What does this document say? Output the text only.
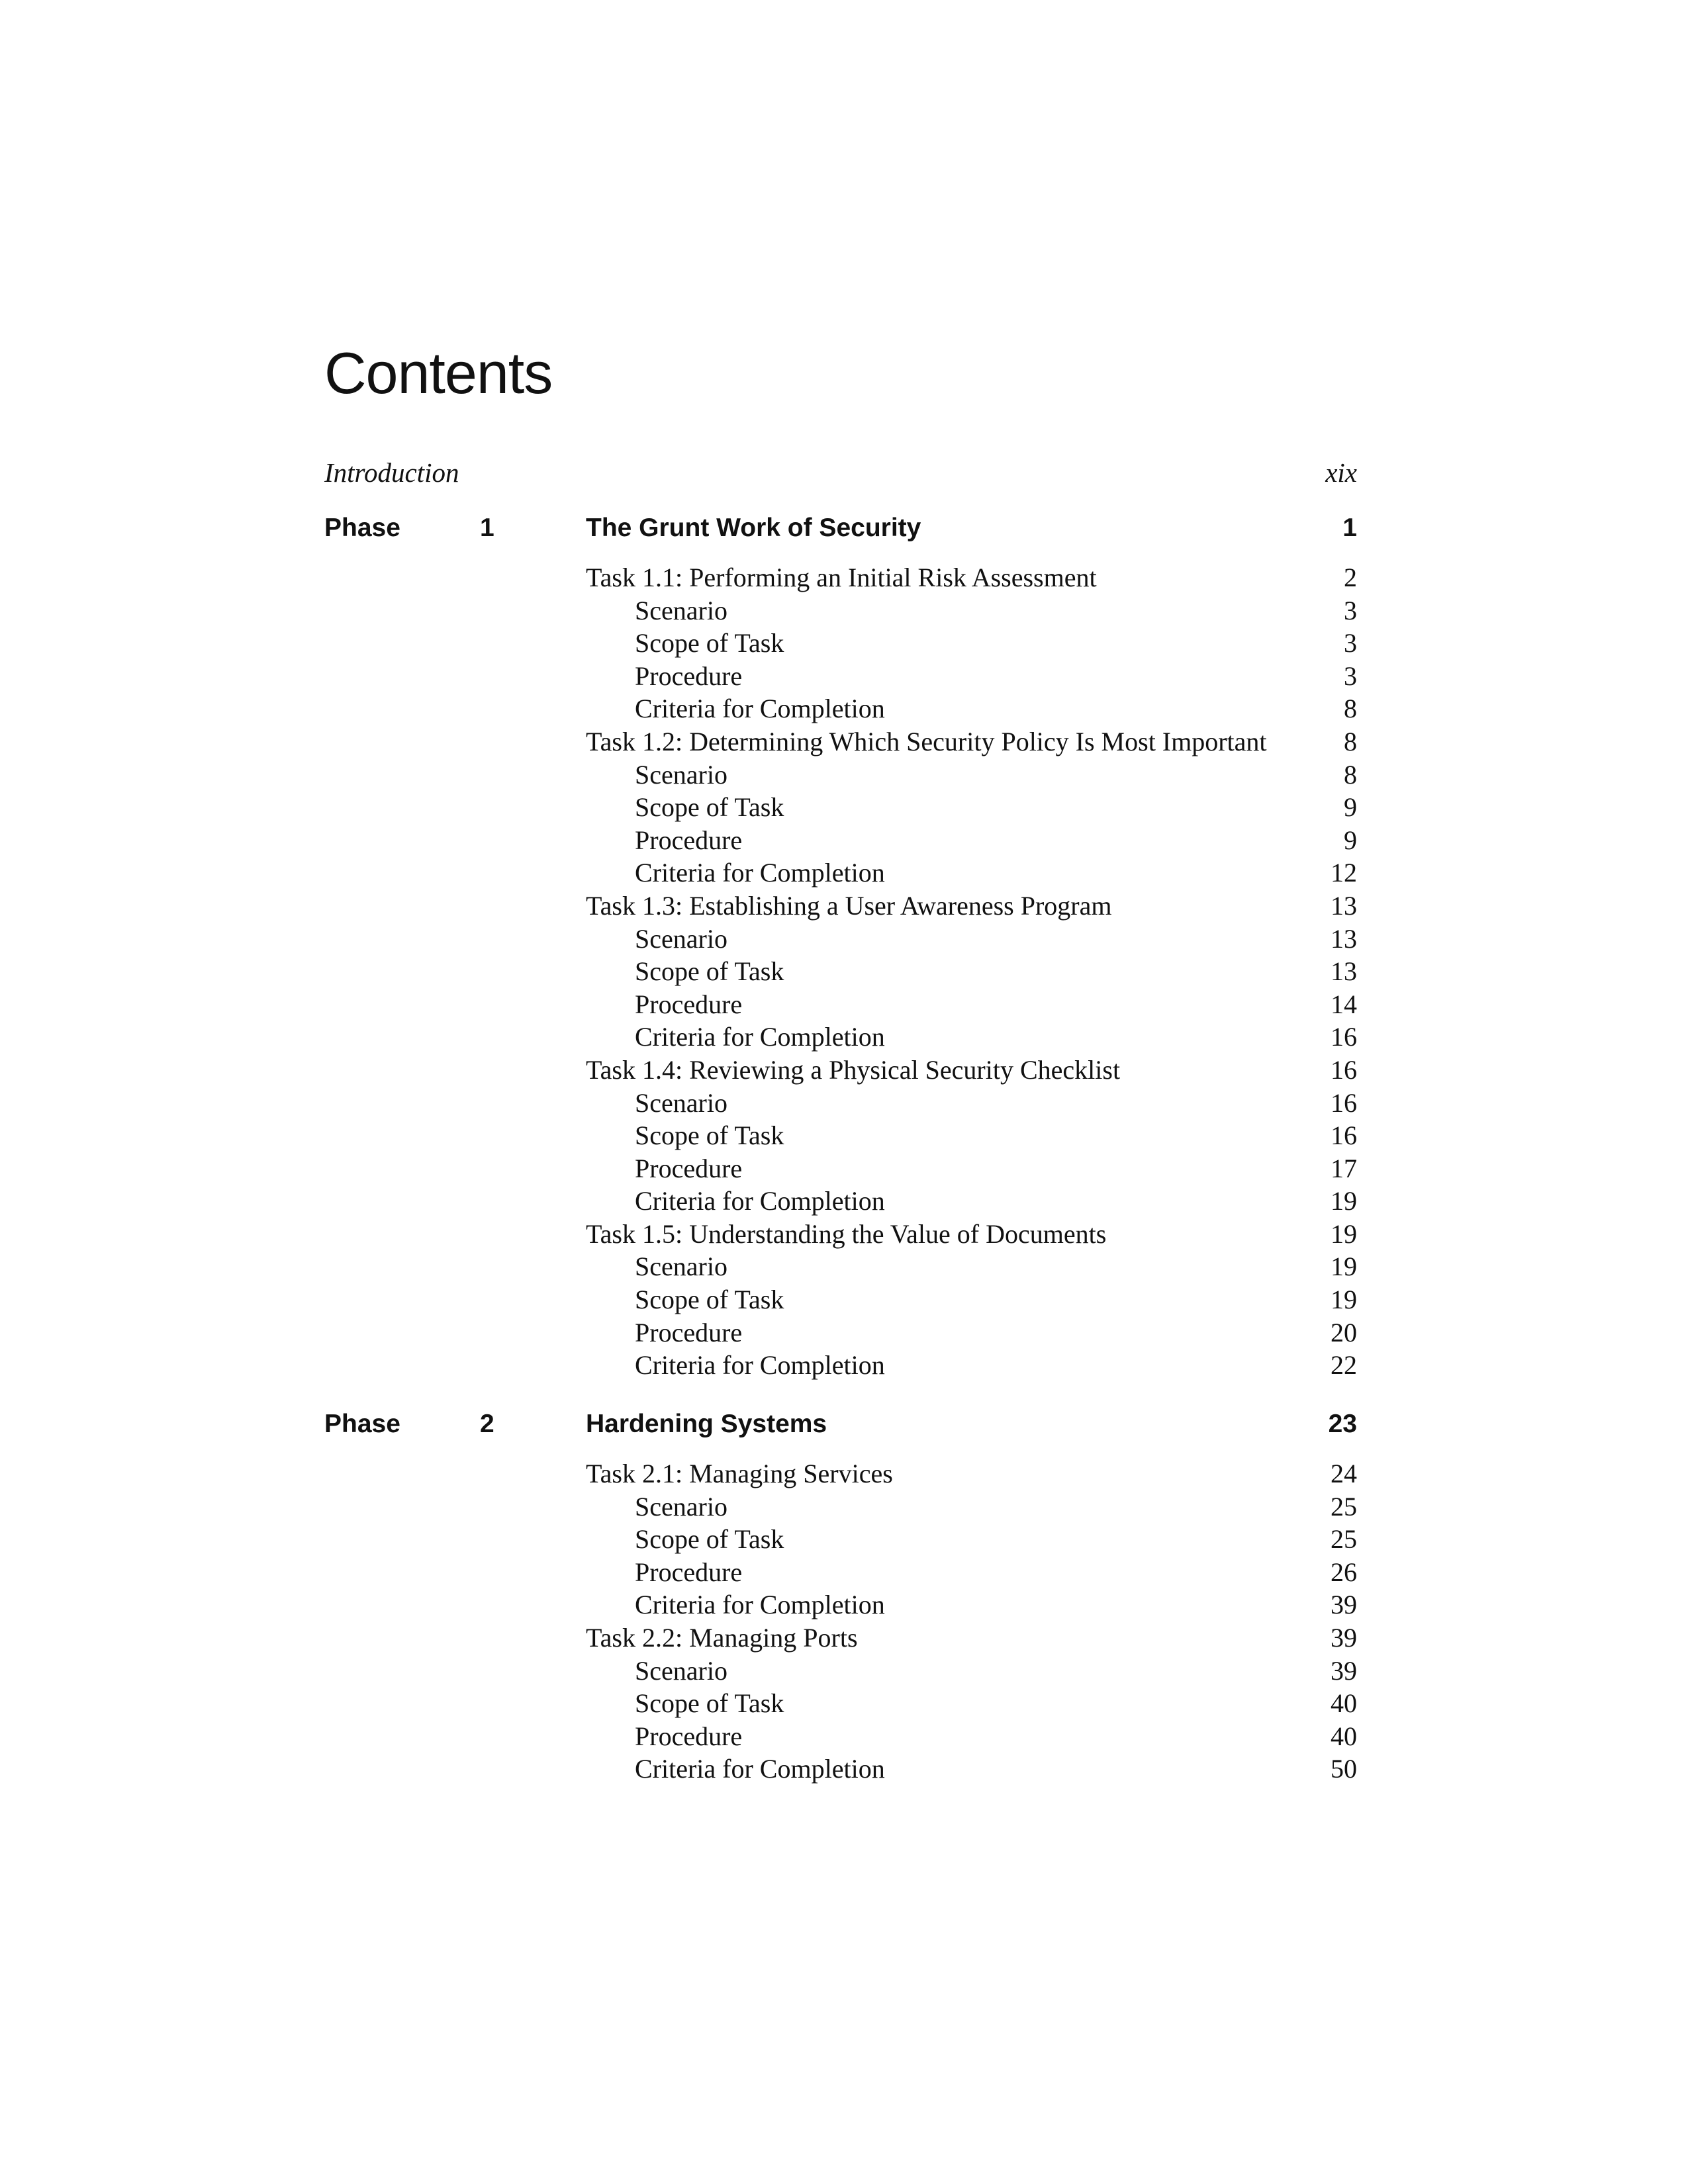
Contents
Introduction	xix
Phase	1	The Grunt Work of Security	1
Task 1.1: Performing an Initial Risk Assessment	2
Scenario	3
Scope of Task	3
Procedure	3
Criteria for Completion	8
Task 1.2: Determining Which Security Policy Is Most Important	8
Scenario	8
Scope of Task	9
Procedure	9
Criteria for Completion	12
Task 1.3: Establishing a User Awareness Program	13
Scenario	13
Scope of Task	13
Procedure	14
Criteria for Completion	16
Task 1.4: Reviewing a Physical Security Checklist	16
Scenario	16
Scope of Task	16
Procedure	17
Criteria for Completion	19
Task 1.5: Understanding the Value of Documents	19
Scenario	19
Scope of Task	19
Procedure	20
Criteria for Completion	22
Phase	2	Hardening Systems	23
Task 2.1: Managing Services	24
Scenario	25
Scope of Task	25
Procedure	26
Criteria for Completion	39
Task 2.2: Managing Ports	39
Scenario	39
Scope of Task	40
Procedure	40
Criteria for Completion	50
